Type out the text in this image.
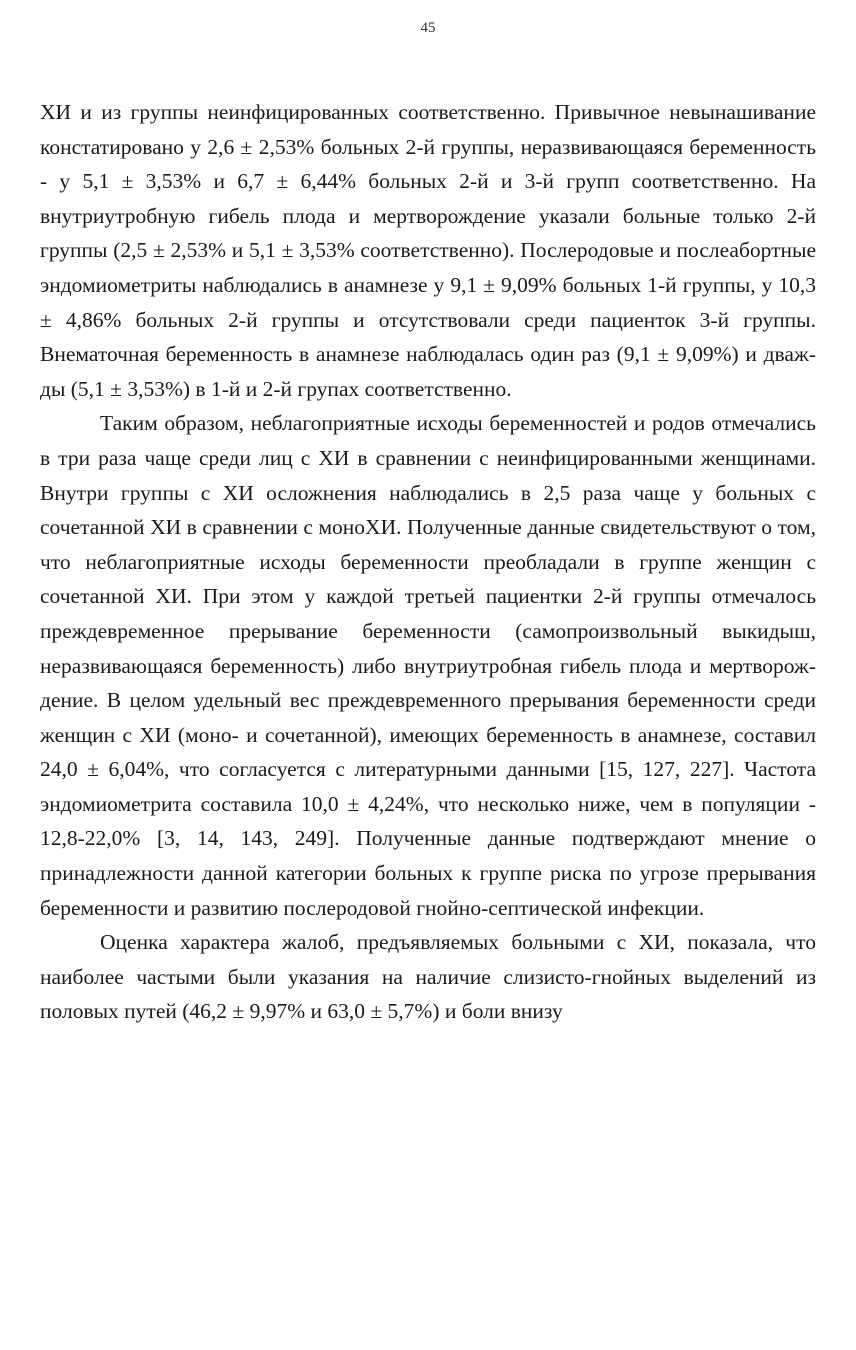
45

ХИ и из группы неинфицированных соответственно. Привычное невынашивание констатировано у 2,6 ± 2,53% больных 2-й группы, неразвивающаяся беременность - у 5,1 ± 3,53% и 6,7 ± 6,44% больных 2-й и 3-й групп соответственно. На внутриутробную гибель плода и мертворождение указали больные только 2-й группы (2,5 ± 2,53% и 5,1 ± 3,53% соответственно). Послеродовые и послеабортные эндомиометриты наблюдались в анамнезе у 9,1 ± 9,09% больных 1-й группы, у 10,3 ± 4,86% больных 2-й группы и отсутствовали среди пациенток 3-й группы. Внематочная беременность в анамнезе наблюдалась один раз (9,1 ± 9,09%) и дважды (5,1 ± 3,53%) в 1-й и 2-й групах соответственно.

Таким образом, неблагоприятные исходы беременностей и родов отмечались в три раза чаще среди лиц с ХИ в сравнении с неинфицированными женщинами. Внутри группы с ХИ осложнения наблюдались в 2,5 раза чаще у больных с сочетанной ХИ в сравнении с моноХИ. Полученные данные свидетельствуют о том, что неблагоприятные исходы беременности преобладали в группе женщин с сочетанной ХИ. При этом у каждой третьей пациентки 2-й группы отмечалось преждевременное прерывание беременности (самопроизвольный выкидыш, неразвивающаяся беременность) либо внутриутробная гибель плода и мертворождение. В целом удельный вес преждевременного прерывания беременности среди женщин с ХИ (моно- и сочетанной), имеющих беременность в анамнезе, составил 24,0 ± 6,04%, что согласуется с литературными данными [15, 127, 227]. Частота эндомиометрита составила 10,0 ± 4,24%, что несколько ниже, чем в популяции - 12,8-22,0% [3, 14, 143, 249]. Полученные данные подтверждают мнение о принадлежности данной категории больных к группе риска по угрозе прерывания беременности и развитию послеродовой гнойно-септической инфекции.

Оценка характера жалоб, предъявляемых больными с ХИ, показала, что наиболее частыми были указания на наличие слизисто-гнойных выделений из половых путей (46,2 ± 9,97% и 63,0 ± 5,7%) и боли внизу
